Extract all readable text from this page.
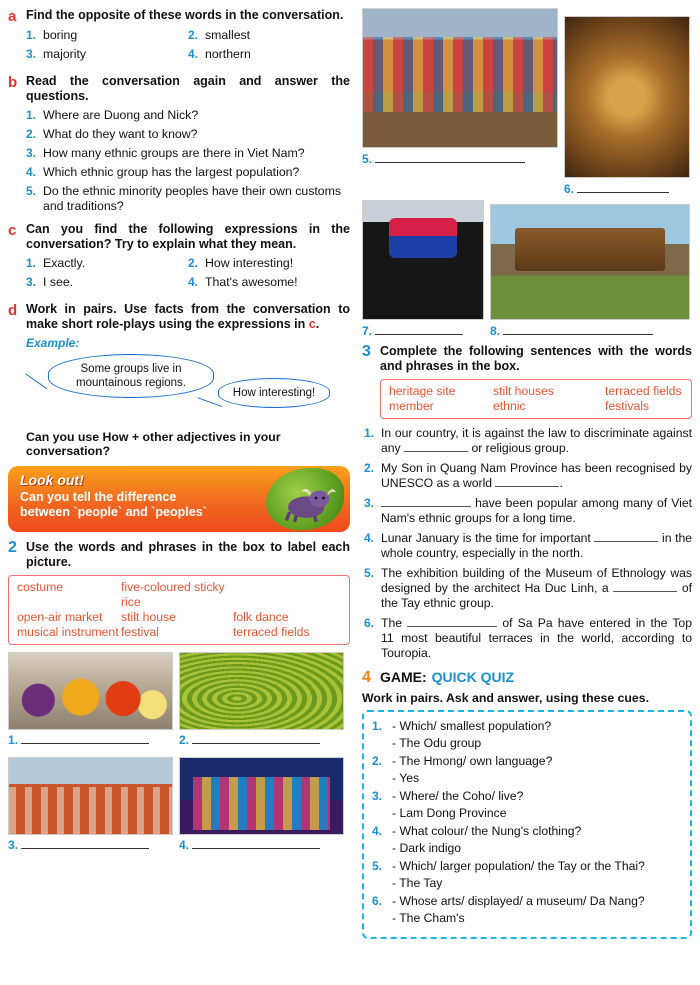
a Find the opposite of these words in the conversation.
1. boring	2. smallest
3. majority	4. northern
b Read the conversation again and answer the questions.
1. Where are Duong and Nick?
2. What do they want to know?
3. How many ethnic groups are there in Viet Nam?
4. Which ethnic group has the largest population?
5. Do the ethnic minority peoples have their own customs and traditions?
c Can you find the following expressions in the conversation? Try to explain what they mean.
1. Exactly.	2. How interesting!
3. I see.	4. That's awesome!
d Work in pairs. Use facts from the conversation to make short role-plays using the expressions in c.
Example:
Some groups live in mountainous regions.
How interesting!
Can you use How + other adjectives in your conversation?
Look out!
Can you tell the difference
between `people` and `peoples`
2 Use the words and phrases in the box to label each picture.
costume	five-coloured sticky rice
open-air market	stilt house	folk dance
musical instrument festival	terraced fields
1.	2.
3.	4.
5.
6.
7.	8.
3 Complete the following sentences with the words and phrases in the box.
heritage site	stilt houses	terraced fields
member	ethnic	festivals
1. In our country, it is against the law to discriminate against any	or religious group.
2. My Son in Quang Nam Province has been recognised by UNESCO as a world	.
3.	have been popular among many of Viet Nam's ethnic groups for a long time.
4. Lunar January is the time for important	in the whole country, especially in the north.
5. The exhibition building of the Museum of Ethnology was designed by the architect Ha Duc Linh, a	of the Tay ethnic group.
6. The	of Sa Pa have entered in the Top 11 most beautiful terraces in the world, according to Touropia.
4 GAME: QUICK QUIZ
Work in pairs. Ask and answer, using these cues.
1. - Which/ smallest population?
- The Odu group
2. - The Hmong/ own language?
- Yes
3. - Where/ the Coho/ live?
- Lam Dong Province
4. - What colour/ the Nung's clothing?
- Dark indigo
5. - Which/ larger population/ the Tay or the Thai?
- The Tay
6. - Whose arts/ displayed/ a museum/ Da Nang?
- The Cham's
